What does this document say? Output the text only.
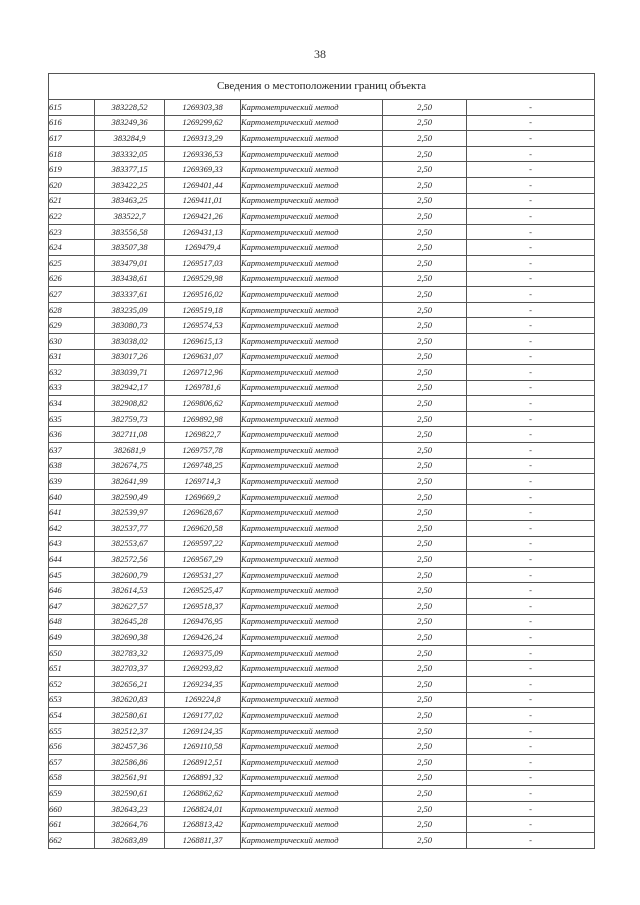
38
Сведения о местоположении границ объекта					
615	383228,52	1269303,38	Картометрический метод	2,50	-
616	383249,36	1269299,62	Картометрический метод	2,50	-
617	383284,9	1269313,29	Картометрический метод	2,50	-
618	383332,05	1269336,53	Картометрический метод	2,50	-
619	383377,15	1269369,33	Картометрический метод	2,50	-
620	383422,25	1269401,44	Картометрический метод	2,50	-
621	383463,25	1269411,01	Картометрический метод	2,50	-
622	383522,7	1269421,26	Картометрический метод	2,50	-
623	383556,58	1269431,13	Картометрический метод	2,50	-
624	383507,38	1269479,4	Картометрический метод	2,50	-
625	383479,01	1269517,03	Картометрический метод	2,50	-
626	383438,61	1269529,98	Картометрический метод	2,50	-
627	383337,61	1269516,02	Картометрический метод	2,50	-
628	383235,09	1269519,18	Картометрический метод	2,50	-
629	383080,73	1269574,53	Картометрический метод	2,50	-
630	383038,02	1269615,13	Картометрический метод	2,50	-
631	383017,26	1269631,07	Картометрический метод	2,50	-
632	383039,71	1269712,96	Картометрический метод	2,50	-
633	382942,17	1269781,6	Картометрический метод	2,50	-
634	382908,82	1269806,62	Картометрический метод	2,50	-
635	382759,73	1269892,98	Картометрический метод	2,50	-
636	382711,08	1269822,7	Картометрический метод	2,50	-
637	382681,9	1269757,78	Картометрический метод	2,50	-
638	382674,75	1269748,25	Картометрический метод	2,50	-
639	382641,99	1269714,3	Картометрический метод	2,50	-
640	382590,49	1269669,2	Картометрический метод	2,50	-
641	382539,97	1269628,67	Картометрический метод	2,50	-
642	382537,77	1269620,58	Картометрический метод	2,50	-
643	382553,67	1269597,22	Картометрический метод	2,50	-
644	382572,56	1269567,29	Картометрический метод	2,50	-
645	382600,79	1269531,27	Картометрический метод	2,50	-
646	382614,53	1269525,47	Картометрический метод	2,50	-
647	382627,57	1269518,37	Картометрический метод	2,50	-
648	382645,28	1269476,95	Картометрический метод	2,50	-
649	382690,38	1269426,24	Картометрический метод	2,50	-
650	382783,32	1269375,09	Картометрический метод	2,50	-
651	382703,37	1269293,82	Картометрический метод	2,50	-
652	382656,21	1269234,35	Картометрический метод	2,50	-
653	382620,83	1269224,8	Картометрический метод	2,50	-
654	382580,61	1269177,02	Картометрический метод	2,50	-
655	382512,37	1269124,35	Картометрический метод	2,50	-
656	382457,36	1269110,58	Картометрический метод	2,50	-
657	382586,86	1268912,51	Картометрический метод	2,50	-
658	382561,91	1268891,32	Картометрический метод	2,50	-
659	382590,61	1268862,62	Картометрический метод	2,50	-
660	382643,23	1268824,01	Картометрический метод	2,50	-
661	382664,76	1268813,42	Картометрический метод	2,50	-
662	382683,89	1268811,37	Картометрический метод	2,50	-
